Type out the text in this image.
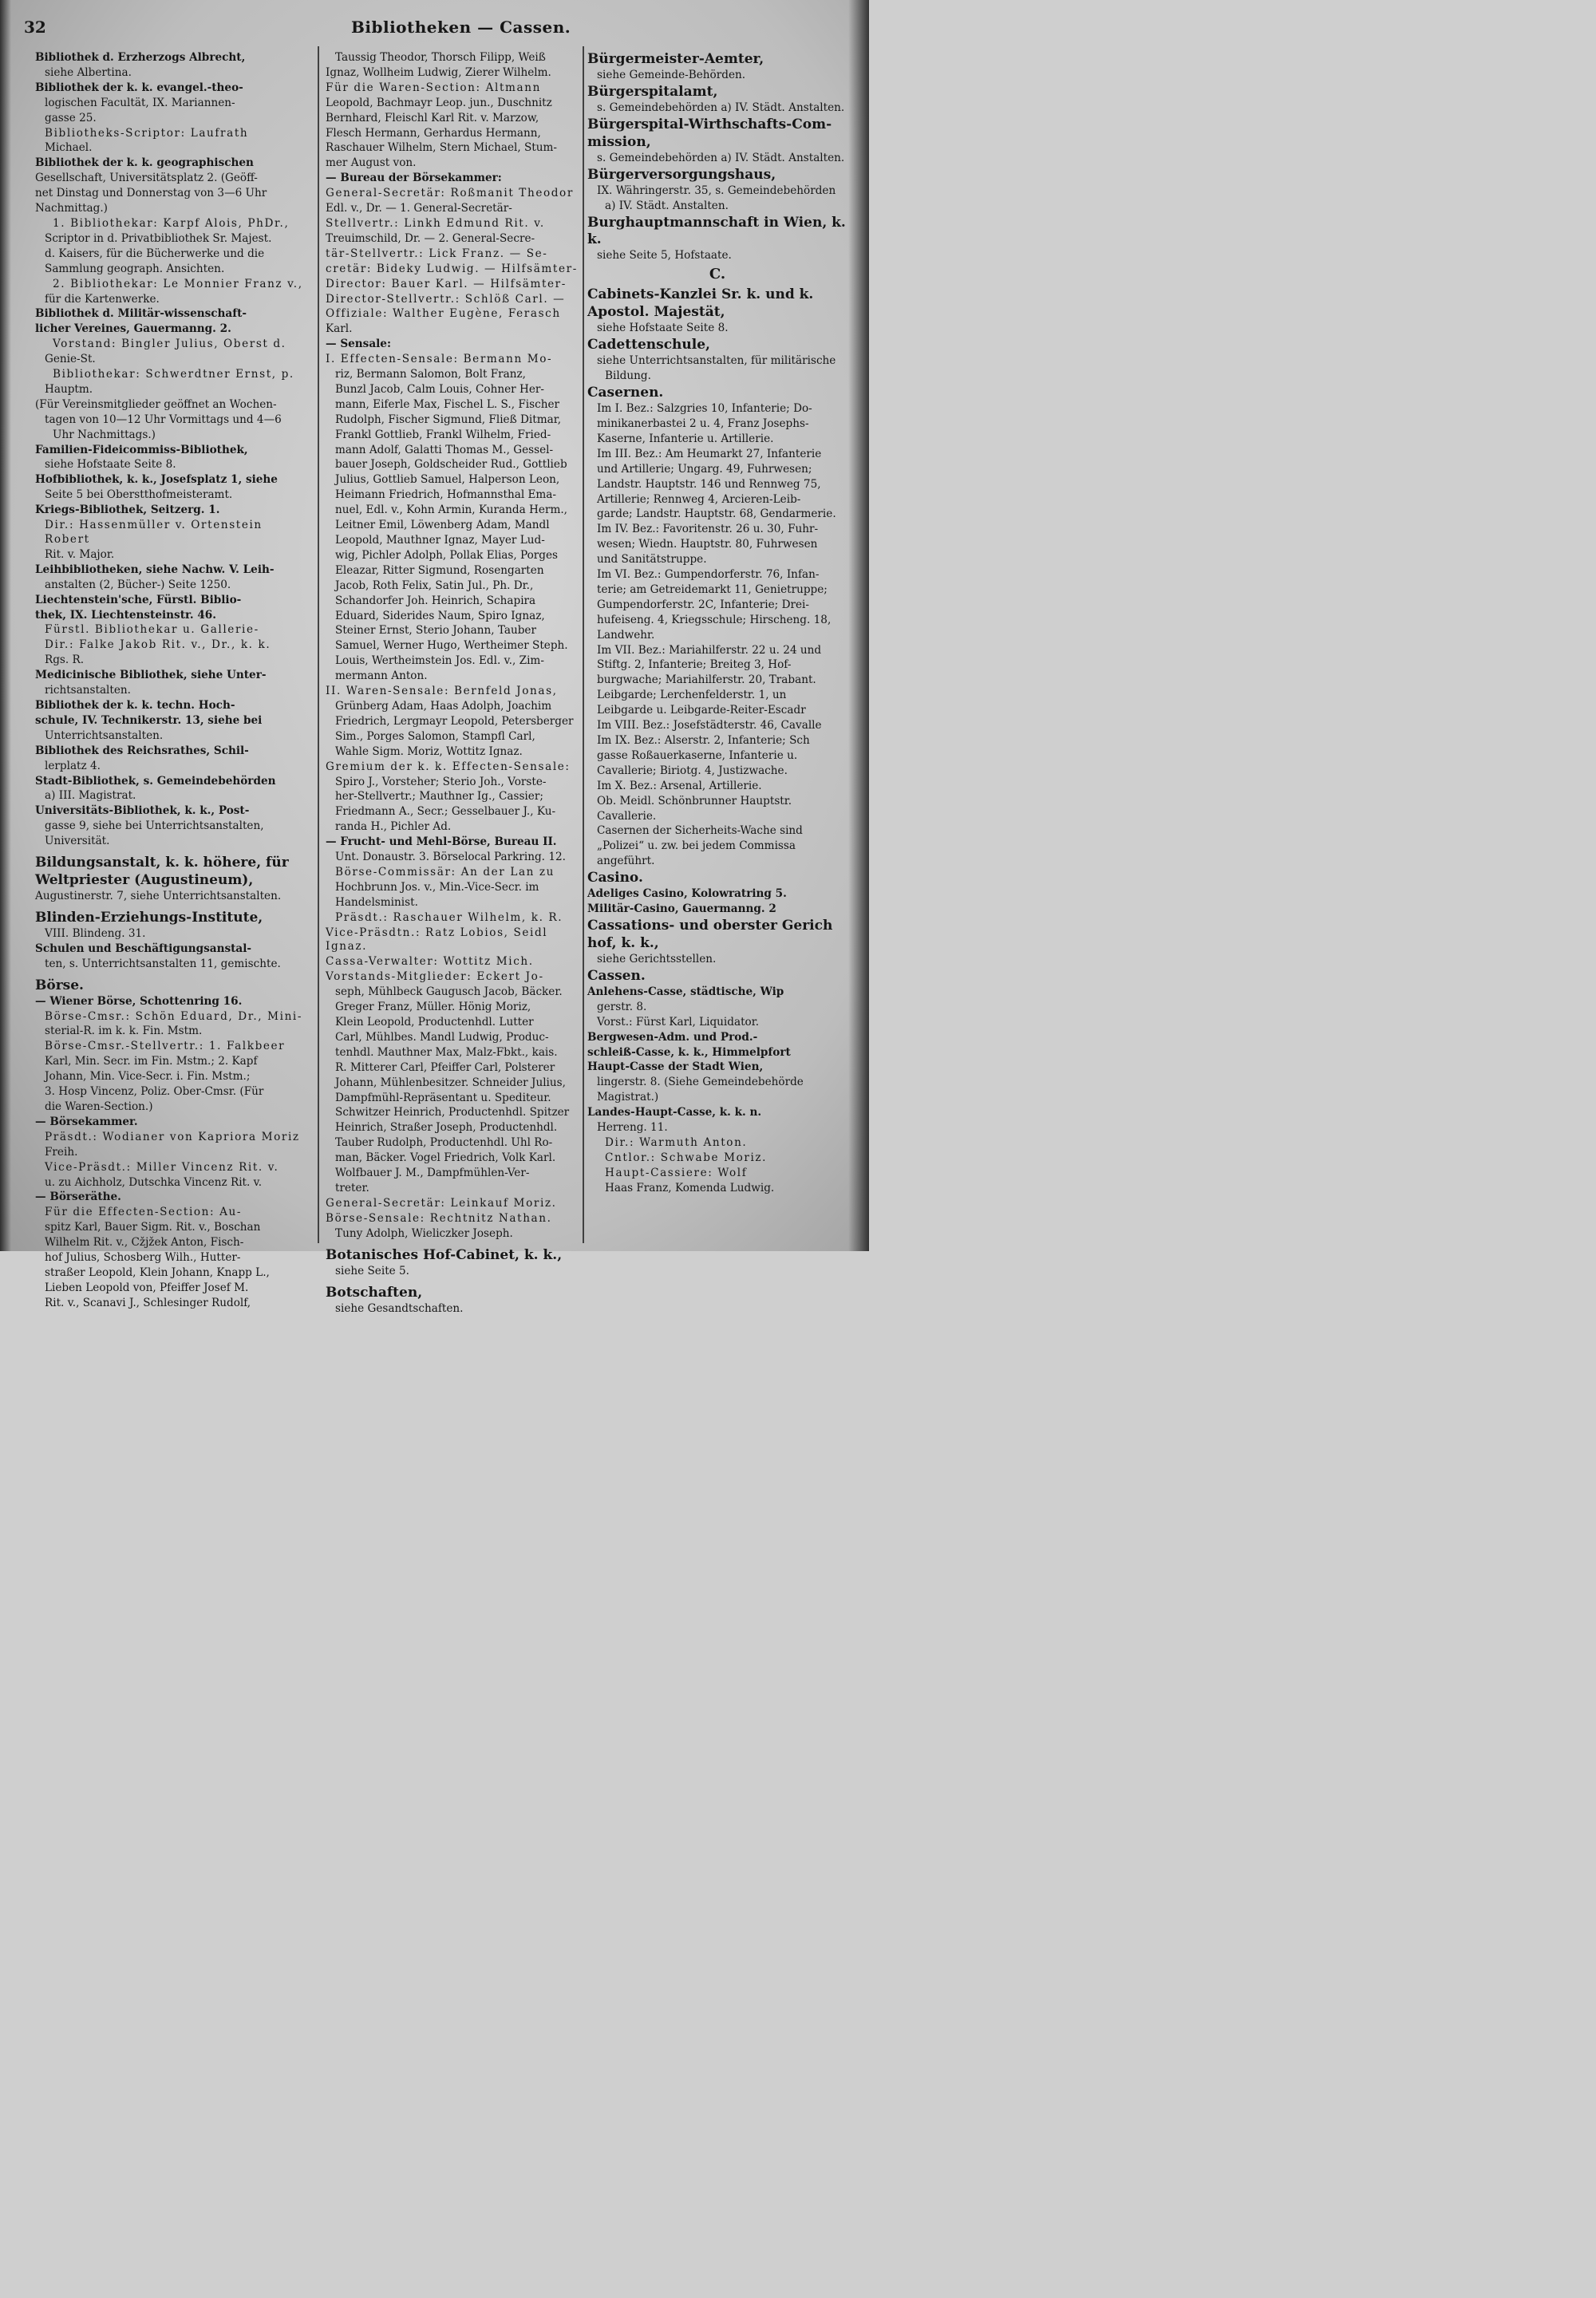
32	Bibliotheken — Cassen.
Bibliothek d. Erzherzogs Albrecht,
siehe Albertina.
Bibliothek der k. k. evangel.-theo-
logischen Facultät, IX. Mariannen-
gasse 25.
Bibliotheks-Scriptor: Laufrath
Michael.
Bibliothek der k. k. geographischen
Gesellschaft, Universitätsplatz 2. (Geöff-
net Dinstag und Donnerstag von 3—6 Uhr
Nachmittag.)
1. Bibliothekar: Karpf Alois, PhDr.,
Scriptor in d. Privatbibliothek Sr. Majest.
d. Kaisers, für die Bücherwerke und die
Sammlung geograph. Ansichten.
2. Bibliothekar: Le Monnier Franz v.,
für die Kartenwerke.
Bibliothek d. Militär-wissenschaft-
licher Vereines, Gauermanng. 2.
Vorstand: Bingler Julius, Oberst d.
Genie-St.
Bibliothekar: Schwerdtner Ernst, p.
Hauptm.
(Für Vereinsmitglieder geöffnet an Wochen-
tagen von 10—12 Uhr Vormittags und 4—6
Uhr Nachmittags.)
Familien-Fideicommiss-Bibliothek,
siehe Hofstaate Seite 8.
Hofbibliothek, k. k., Josefsplatz 1, siehe
Seite 5 bei Oberstthofmeisteramt.
Kriegs-Bibliothek, Seitzerg. 1.
Dir.: Hassenmüller v. Ortenstein Robert
Rit. v. Major.
Leihbibliotheken, siehe Nachw. V. Leih-
anstalten (2, Bücher-) Seite 1250.
Liechtenstein'sche, Fürstl. Biblio-
thek, IX. Liechtensteinstr. 46.
Fürstl. Bibliothekar u. Gallerie-
Dir.: Falke Jakob Rit. v., Dr., k. k.
Rgs. R.
Medicinische Bibliothek, siehe Unter-
richtsanstalten.
Bibliothek der k. k. techn. Hoch-
schule, IV. Technikerstr. 13, siehe bei
Unterrichtsanstalten.
Bibliothek des Reichsrathes, Schil-
lerplatz 4.
Stadt-Bibliothek, s. Gemeindebehörden
a) III. Magistrat.
Universitäts-Bibliothek, k. k., Post-
gasse 9, siehe bei Unterrichtsanstalten,
Universität.
Bildungsanstalt, k. k. höhere, für
Weltpriester (Augustineum),
Augustinerstr. 7, siehe Unterrichtsanstalten.
Blinden-Erziehungs-Institute,
VIII. Blindeng. 31.
Schulen und Beschäftigungsanstal-
ten, s. Unterrichtsanstalten 11, gemischte.
Börse.
— Wiener Börse, Schottenring 16.
Börse-Cmsr.: Schön Eduard, Dr., Mini-
sterial-R. im k. k. Fin. Mstm.
Börse-Cmsr.-Stellvertr.: 1. Falkbeer
Karl, Min. Secr. im Fin. Mstm.; 2. Kapf
Johann, Min. Vice-Secr. i. Fin. Mstm.;
3. Hosp Vincenz, Poliz. Ober-Cmsr. (Für
die Waren-Section.)
— Börsekammer.
Präsdt.: Wodianer von Kapriora Moriz
Freih.
Vice-Präsdt.: Miller Vincenz Rit. v.
u. zu Aichholz, Dutschka Vincenz Rit. v.
— Börseräthe.
Für die Effecten-Section: Au-
spitz Karl, Bauer Sigm. Rit. v., Boschan
Wilhelm Rit. v., Cžjžek Anton, Fisch-
hof Julius, Schosberg Wilh., Hutter-
straßer Leopold, Klein Johann, Knapp L.,
Lieben Leopold von, Pfeiffer Josef M.
Rit. v., Scanavi J., Schlesinger Rudolf,
Taussig Theodor, Thorsch Filipp, Weiß
Ignaz, Wollheim Ludwig, Zierer Wilhelm.
Für die Waren-Section: Altmann
Leopold, Bachmayr Leop. jun., Duschnitz
Bernhard, Fleischl Karl Rit. v. Marzow,
Flesch Hermann, Gerhardus Hermann,
Raschauer Wilhelm, Stern Michael, Stum-
mer August von.
— Bureau der Börsekammer:
General-Secretär: Roßmanit Theodor
Edl. v., Dr. — 1. General-Secretär-
Stellvertr.: Linkh Edmund Rit. v.
Treuimschild, Dr. — 2. General-Secre-
tär-Stellvertr.: Lick Franz. — Se-
cretär: Bideky Ludwig. — Hilfsämter-
Director: Bauer Karl. — Hilfsämter-
Director-Stellvertr.: Schlöß Carl. —
Offiziale: Walther Eugène, Ferasch
Karl.
— Sensale:
I. Effecten-Sensale: Bermann Mo-
riz, Bermann Salomon, Bolt Franz,
Bunzl Jacob, Calm Louis, Cohner Her-
mann, Eiferle Max, Fischel L. S., Fischer
Rudolph, Fischer Sigmund, Fließ Ditmar,
Frankl Gottlieb, Frankl Wilhelm, Fried-
mann Adolf, Galatti Thomas M., Gessel-
bauer Joseph, Goldscheider Rud., Gottlieb
Julius, Gottlieb Samuel, Halperson Leon,
Heimann Friedrich, Hofmannsthal Ema-
nuel, Edl. v., Kohn Armin, Kuranda Herm.,
Leitner Emil, Löwenberg Adam, Mandl
Leopold, Mauthner Ignaz, Mayer Lud-
wig, Pichler Adolph, Pollak Elias, Porges
Eleazar, Ritter Sigmund, Rosengarten
Jacob, Roth Felix, Satin Jul., Ph. Dr.,
Schandorfer Joh. Heinrich, Schapira
Eduard, Siderides Naum, Spiro Ignaz,
Steiner Ernst, Sterio Johann, Tauber
Samuel, Werner Hugo, Wertheimer Steph.
Louis, Wertheimstein Jos. Edl. v., Zim-
mermann Anton.
II. Waren-Sensale: Bernfeld Jonas,
Grünberg Adam, Haas Adolph, Joachim
Friedrich, Lergmayr Leopold, Petersberger
Sim., Porges Salomon, Stampfl Carl,
Wahle Sigm. Moriz, Wottitz Ignaz.
Gremium der k. k. Effecten-Sensale:
Spiro J., Vorsteher; Sterio Joh., Vorste-
her-Stellvertr.; Mauthner Ig., Cassier;
Friedmann A., Secr.; Gesselbauer J., Ku-
randa H., Pichler Ad.
— Frucht- und Mehl-Börse, Bureau II.
Unt. Donaustr. 3. Börselocal Parkring. 12.
Börse-Commissär: An der Lan zu
Hochbrunn Jos. v., Min.-Vice-Secr. im
Handelsminist.
Präsdt.: Raschauer Wilhelm, k. R.
Vice-Präsdtn.: Ratz Lobios, Seidl Ignaz.
Cassa-Verwalter: Wottitz Mich.
Vorstands-Mitglieder: Eckert Jo-
seph, Mühlbeck Gaugusch Jacob, Bäcker.
Greger Franz, Müller. Hönig Moriz,
Klein Leopold, Productenhdl. Lutter
Carl, Mühlbes. Mandl Ludwig, Produc-
tenhdl. Mauthner Max, Malz-Fbkt., kais.
R. Mitterer Carl, Pfeiffer Carl, Polsterer
Johann, Mühlenbesitzer. Schneider Julius,
Dampfmühl-Repräsentant u. Spediteur.
Schwitzer Heinrich, Productenhdl. Spitzer
Heinrich, Straßer Joseph, Productenhdl.
Tauber Rudolph, Productenhdl. Uhl Ro-
man, Bäcker. Vogel Friedrich, Volk Karl.
Wolfbauer J. M., Dampfmühlen-Ver-
treter.
General-Secretär: Leinkauf Moriz.
Börse-Sensale: Rechtnitz Nathan.
Tuny Adolph, Wieliczker Joseph.
Botanisches Hof-Cabinet, k. k.,
siehe Seite 5.
Botschaften,
siehe Gesandtschaften.
Bürgermeister-Aemter,
siehe Gemeinde-Behörden.
Bürgerspitalamt,
s. Gemeindebehörden a) IV. Städt. Anstalten.
Bürgerspital-Wirthschafts-Com-
mission,
s. Gemeindebehörden a) IV. Städt. Anstalten.
Bürgerversorgungshaus,
IX. Währingerstr. 35, s. Gemeindebehörden
a) IV. Städt. Anstalten.
Burghauptmannschaft in Wien, k. k.
siehe Seite 5, Hofstaate.
C.
Cabinets-Kanzlei Sr. k. und k.
Apostol. Majestät,
siehe Hofstaate Seite 8.
Cadettenschule,
siehe Unterrichtsanstalten, für militärische
Bildung.
Casernen.
Im I. Bez.: Salzgries 10, Infanterie; Do-
minikanerbastei 2 u. 4, Franz Josephs-
Kaserne, Infanterie u. Artillerie.
Im III. Bez.: Am Heumarkt 27, Infanterie
und Artillerie; Ungarg. 49, Fuhrwesen;
Landstr. Hauptstr. 146 und Rennweg 75,
Artillerie; Rennweg 4, Arcieren-Leib-
garde; Landstr. Hauptstr. 68, Gendarmerie.
Im IV. Bez.: Favoritenstr. 26 u. 30, Fuhr-
wesen; Wiedn. Hauptstr. 80, Fuhrwesen
und Sanitätstruppe.
Im VI. Bez.: Gumpendorferstr. 76, Infan-
terie; am Getreidemarkt 11, Genietruppe;
Gumpendorferstr. 2C, Infanterie; Drei-
hufeiseng. 4, Kriegsschule; Hirscheng. 18,
Landwehr.
Im VII. Bez.: Mariahilferstr. 22 u. 24 und
Stiftg. 2, Infanterie; Breiteg 3, Hof-
burgwache; Mariahilferstr. 20, Trabant.
Leibgarde; Lerchenfelderstr. 1, un
Leibgarde u. Leibgarde-Reiter-Escadr
Im VIII. Bez.: Josefstädterstr. 46, Cavalle
Im IX. Bez.: Alserstr. 2, Infanterie; Sch
gasse Roßauerkaserne, Infanterie u.
Cavallerie; Biriotg. 4, Justizwache.
Im X. Bez.: Arsenal, Artillerie.
Ob. Meidl. Schönbrunner Hauptstr.
Cavallerie.
Casernen der Sicherheits-Wache sind
„Polizei“ u. zw. bei jedem Commissa
angeführt.
Casino.
Adeliges Casino, Kolowratring 5.
Militär-Casino, Gauermanng. 2
Cassations- und oberster Gerich
hof, k. k.,
siehe Gerichtsstellen.
Cassen.
Anlehens-Casse, städtische, Wip
gerstr. 8.
Vorst.: Fürst Karl, Liquidator.
Bergwesen-Adm. und Prod.-
schleiß-Casse, k. k., Himmelpfort
Haupt-Casse der Stadt Wien,
lingerstr. 8. (Siehe Gemeindebehörde
Magistrat.)
Landes-Haupt-Casse, k. k. n.
Herreng. 11.
Dir.: Warmuth Anton.
Cntlor.: Schwabe Moriz.
Haupt-Cassiere: Wolf
Haas Franz, Komenda Ludwig.
